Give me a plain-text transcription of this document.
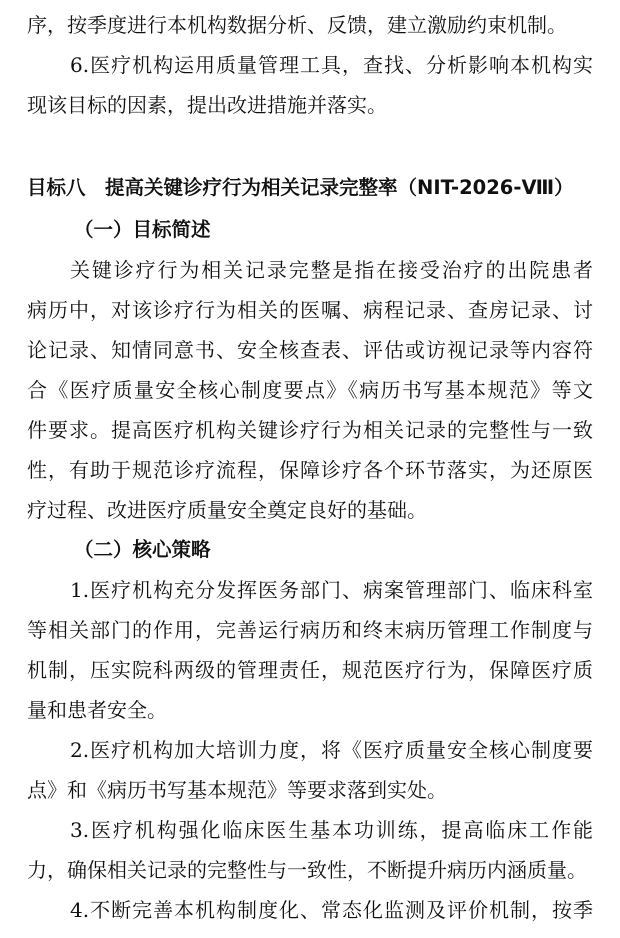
序，按季度进行本机构数据分析、反馈，建立激励约束机制。
6.医疗机构运用质量管理工具，查找、分析影响本机构实
现该目标的因素，提出改进措施并落实。
目标八　提高关键诊疗行为相关记录完整率（NIT-2026-Ⅷ）
（一）目标简述
关键诊疗行为相关记录完整是指在接受治疗的出院患者
病历中，对该诊疗行为相关的医嘱、病程记录、查房记录、讨
论记录、知情同意书、安全核查表、评估或访视记录等内容符
合《医疗质量安全核心制度要点》《病历书写基本规范》等文
件要求。提高医疗机构关键诊疗行为相关记录的完整性与一致
性，有助于规范诊疗流程，保障诊疗各个环节落实，为还原医
疗过程、改进医疗质量安全奠定良好的基础。
（二）核心策略
1.医疗机构充分发挥医务部门、病案管理部门、临床科室
等相关部门的作用，完善运行病历和终末病历管理工作制度与
机制，压实院科两级的管理责任，规范医疗行为，保障医疗质
量和患者安全。
2.医疗机构加大培训力度，将《医疗质量安全核心制度要
点》和《病历书写基本规范》等要求落到实处。
3.医疗机构强化临床医生基本功训练，提高临床工作能
力，确保相关记录的完整性与一致性，不断提升病历内涵质量。
4.不断完善本机构制度化、常态化监测及评价机制，按季
